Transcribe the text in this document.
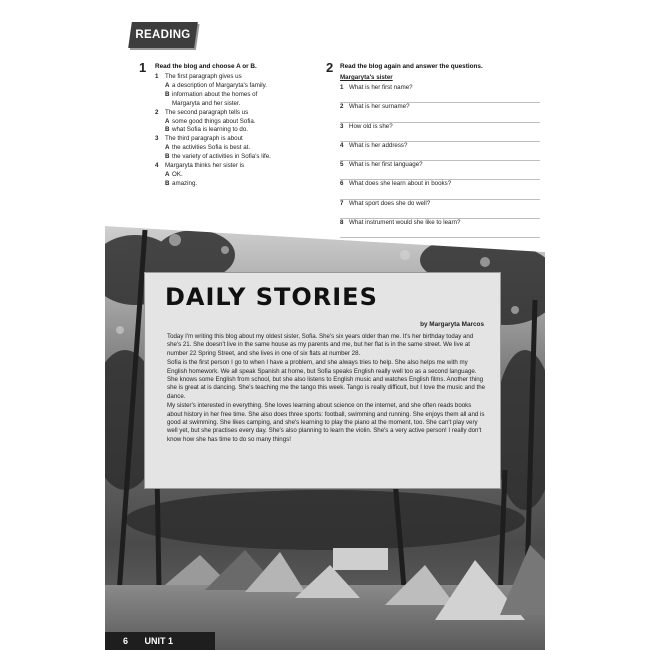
READING
1 Read the blog and choose A or B.
1 The first paragraph gives us
A a description of Margaryta's family.
B information about the homes of
Margaryta and her sister.
2 The second paragraph tells us
A some good things about Sofia.
B what Sofia is learning to do.
3 The third paragraph is about
A the activities Sofia is best at.
B the variety of activities in Sofia's life.
4 Margaryta thinks her sister is
A OK.
B amazing.
2 Read the blog again and answer the questions.
Margaryta's sister
1 What is her first name?
2 What is her surname?
3 How old is she?
4 What is her address?
5 What is her first language?
6 What does she learn about in books?
7 What sport does she do well?
8 What instrument would she like to learn?
DAILY STORIES
by Margaryta Marcos

Today I'm writing this blog about my oldest sister, Sofia. She's six years older than me. It's her birthday today and she's 21. She doesn't live in the same house as my parents and me, but her flat is in the same street. We live at number 22 Spring Street, and she lives in one of six flats at number 28.

Sofia is the first person I go to when I have a problem, and she always tries to help. She also helps me with my English homework. We all speak Spanish at home, but Sofia speaks English really well too as a second language. She knows some English from school, but she also listens to English music and watches English films. Another thing she is great at is dancing. She's teaching me the tango this week. Tango is really difficult, but I love the music and the dance.

My sister's interested in everything. She loves learning about science on the internet, and she often reads books about history in her free time. She also does three sports: football, swimming and running. She enjoys them all and is good at swimming. She likes camping, and she's learning to play the piano at the moment, too. She can't play very well yet, but she practises every day. She's also planning to learn the violin. She's a very active person! I really don't know how she has time to do so many things!

6 UNIT 1
